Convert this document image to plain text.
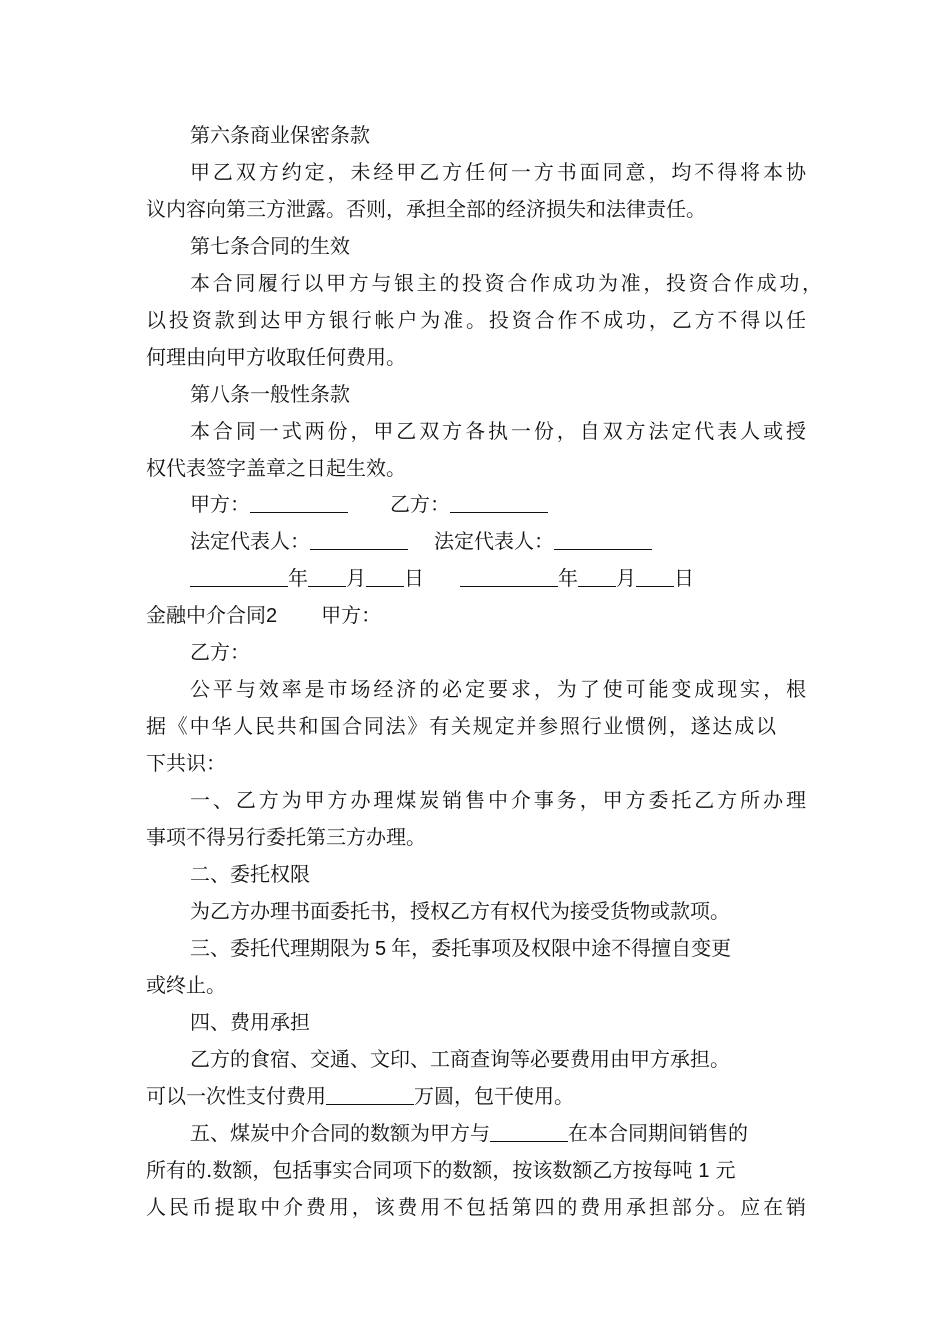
第六条商业保密条款
甲乙双方约定，未经甲乙方任何一方书面同意，均不得将本协
议内容向第三方泄露。否则，承担全部的经济损失和法律责任。
第七条合同的生效
本合同履行以甲方与银主的投资合作成功为准，投资合作成功，
以投资款到达甲方银行帐户为准。投资合作不成功，乙方不得以任
何理由向甲方收取任何费用。
第八条一般性条款
本合同一式两份，甲乙双方各执一份，自双方法定代表人或授
权代表签字盖章之日起生效。
甲方：	乙方：
法定代表人：	法定代表人：
年 月 日	年 月 日
金融中介合同2 甲方：
乙方：
公平与效率是市场经济的必定要求，为了使可能变成现实，根
据《中华人民共和国合同法》有关规定并参照行业惯例，遂达成以
下共识：
一、乙方为甲方办理煤炭销售中介事务，甲方委托乙方所办理
事项不得另行委托第三方办理。
二、委托权限
为乙方办理书面委托书，授权乙方有权代为接受货物或款项。
三、委托代理期限为 5 年，委托事项及权限中途不得擅自变更
或终止。
四、费用承担
乙方的食宿、交通、文印、工商查询等必要费用由甲方承担。
可以一次性支付费用	万圆，包干使用。
五、煤炭中介合同的数额为甲方与	在本合同期间销售的
所有的.数额，包括事实合同项下的数额，按该数额乙方按每吨 1 元
人民币提取中介费用，该费用不包括第四的费用承担部分。应在销
